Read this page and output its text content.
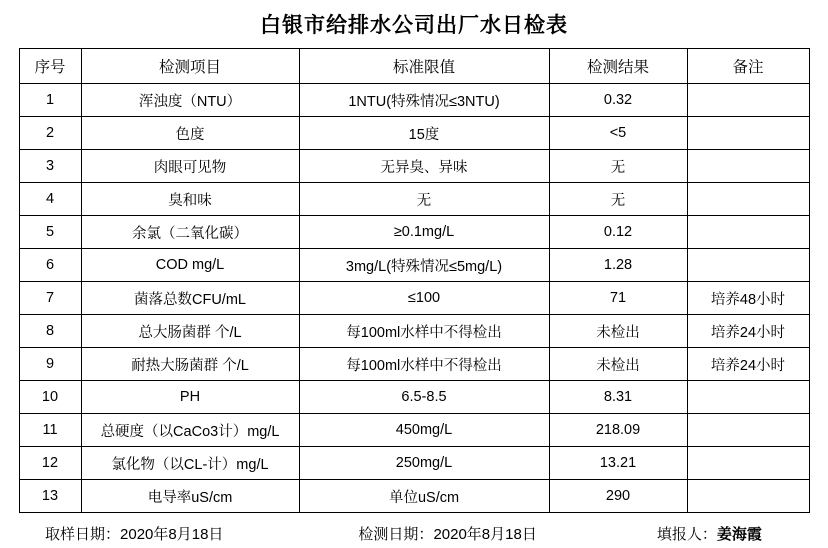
白银市给排水公司出厂水日检表
序号	检测项目	标准限值	检测结果	备注
1	浑浊度（NTU）	1NTU(特殊情况≤3NTU)	0.32	
2	色度	15度	<5	
3	肉眼可见物	无异臭、异味	无	
4	臭和味	无	无	
5	余氯（二氧化碳）	≥0.1mg/L	0.12	
6	COD mg/L	3mg/L(特殊情况≤5mg/L)	1.28	
7	菌落总数CFU/mL	≤100	71	培养48小时
8	总大肠菌群 个/L	每100ml水样中不得检出	未检出	培养24小时
9	耐热大肠菌群 个/L	每100ml水样中不得检出	未检出	培养24小时
10	PH	6.5-8.5	8.31	
11	总硬度（以CaCo3计）mg/L	450mg/L	218.09	
12	氯化物（以CL-计）mg/L	250mg/L	13.21	
13	电导率uS/cm	单位uS/cm	290	
取样日期：2020年8月18日	检测日期：2020年8月18日	填报人：姜海霞
